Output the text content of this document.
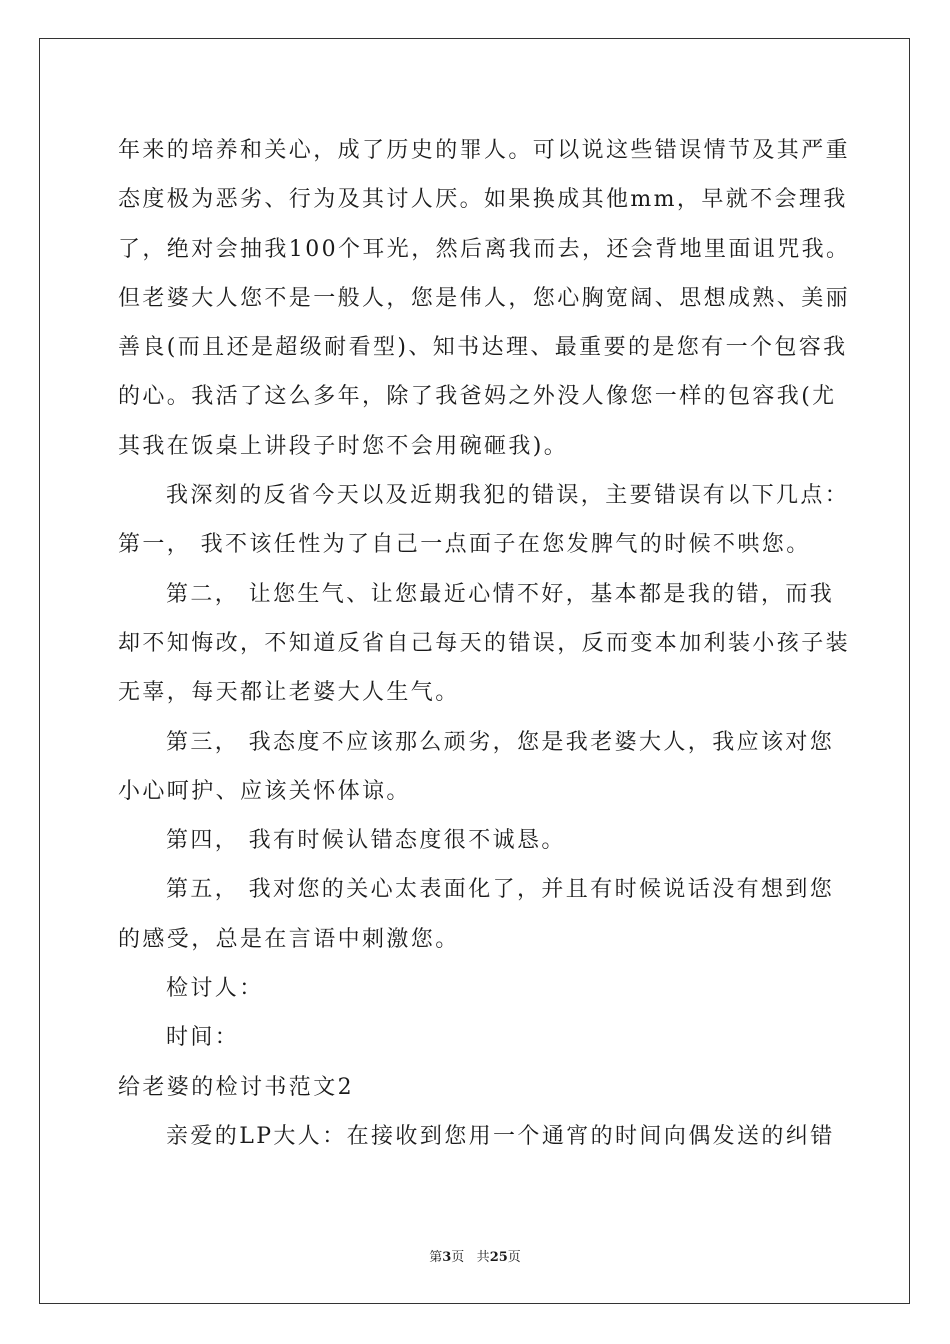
年来的培养和关心，成了历史的罪人。可以说这些错误情节及其严重
态度极为恶劣、行为及其讨人厌。如果换成其他mm，早就不会理我
了，绝对会抽我100个耳光，然后离我而去，还会背地里面诅咒我。
但老婆大人您不是一般人，您是伟人，您心胸宽阔、思想成熟、美丽
善良(而且还是超级耐看型)、知书达理、最重要的是您有一个包容我
的心。我活了这么多年，除了我爸妈之外没人像您一样的包容我(尤
其我在饭桌上讲段子时您不会用碗砸我)。
我深刻的反省今天以及近期我犯的错误，主要错误有以下几点：
第一， 我不该任性为了自己一点面子在您发脾气的时候不哄您。
第二， 让您生气、让您最近心情不好，基本都是我的错，而我
却不知悔改，不知道反省自己每天的错误，反而变本加利装小孩子装
无辜，每天都让老婆大人生气。
第三， 我态度不应该那么顽劣，您是我老婆大人，我应该对您
小心呵护、应该关怀体谅。
第四， 我有时候认错态度很不诚恳。
第五， 我对您的关心太表面化了，并且有时候说话没有想到您
的感受，总是在言语中刺激您。
检讨人：
时间：
给老婆的检讨书范文2
亲爱的LP大人：在接收到您用一个通宵的时间向偶发送的纠错
第3页 共25页
